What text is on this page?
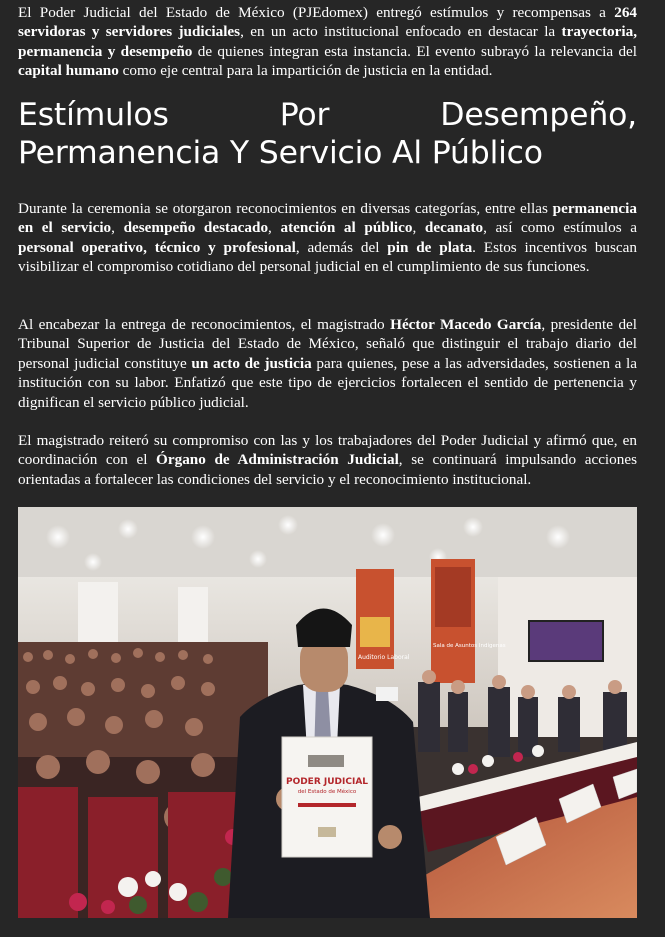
El Poder Judicial del Estado de México (PJEdomex) entregó estímulos y recompensas a 264 servidoras y servidores judiciales, en un acto institucional enfocado en destacar la trayectoria, permanencia y desempeño de quienes integran esta instancia. El evento subrayó la relevancia del capital humano como eje central para la impartición de justicia en la entidad.

Estímulos Por Desempeño, Permanencia Y Servicio Al Público

Durante la ceremonia se otorgaron reconocimientos en diversas categorías, entre ellas permanencia en el servicio, desempeño destacado, atención al público, decanato, así como estímulos a personal operativo, técnico y profesional, además del pin de plata. Estos incentivos buscan visibilizar el compromiso cotidiano del personal judicial en el cumplimiento de sus funciones.

Al encabezar la entrega de reconocimientos, el magistrado Héctor Macedo García, presidente del Tribunal Superior de Justicia del Estado de México, señaló que distinguir el trabajo diario del personal judicial constituye un acto de justicia para quienes, pese a las adversidades, sostienen a la institución con su labor. Enfatizó que este tipo de ejercicios fortalecen el sentido de pertenencia y dignifican el servicio público judicial.

El magistrado reiteró su compromiso con las y los trabajadores del Poder Judicial y afirmó que, en coordinación con el Órgano de Administración Judicial, se continuará impulsando acciones orientadas a fortalecer las condiciones del servicio y el reconocimiento institucional.

Auditorio Laboral
Sala de Asuntos Indígenas
PODER JUDICIAL
del Estado de México
